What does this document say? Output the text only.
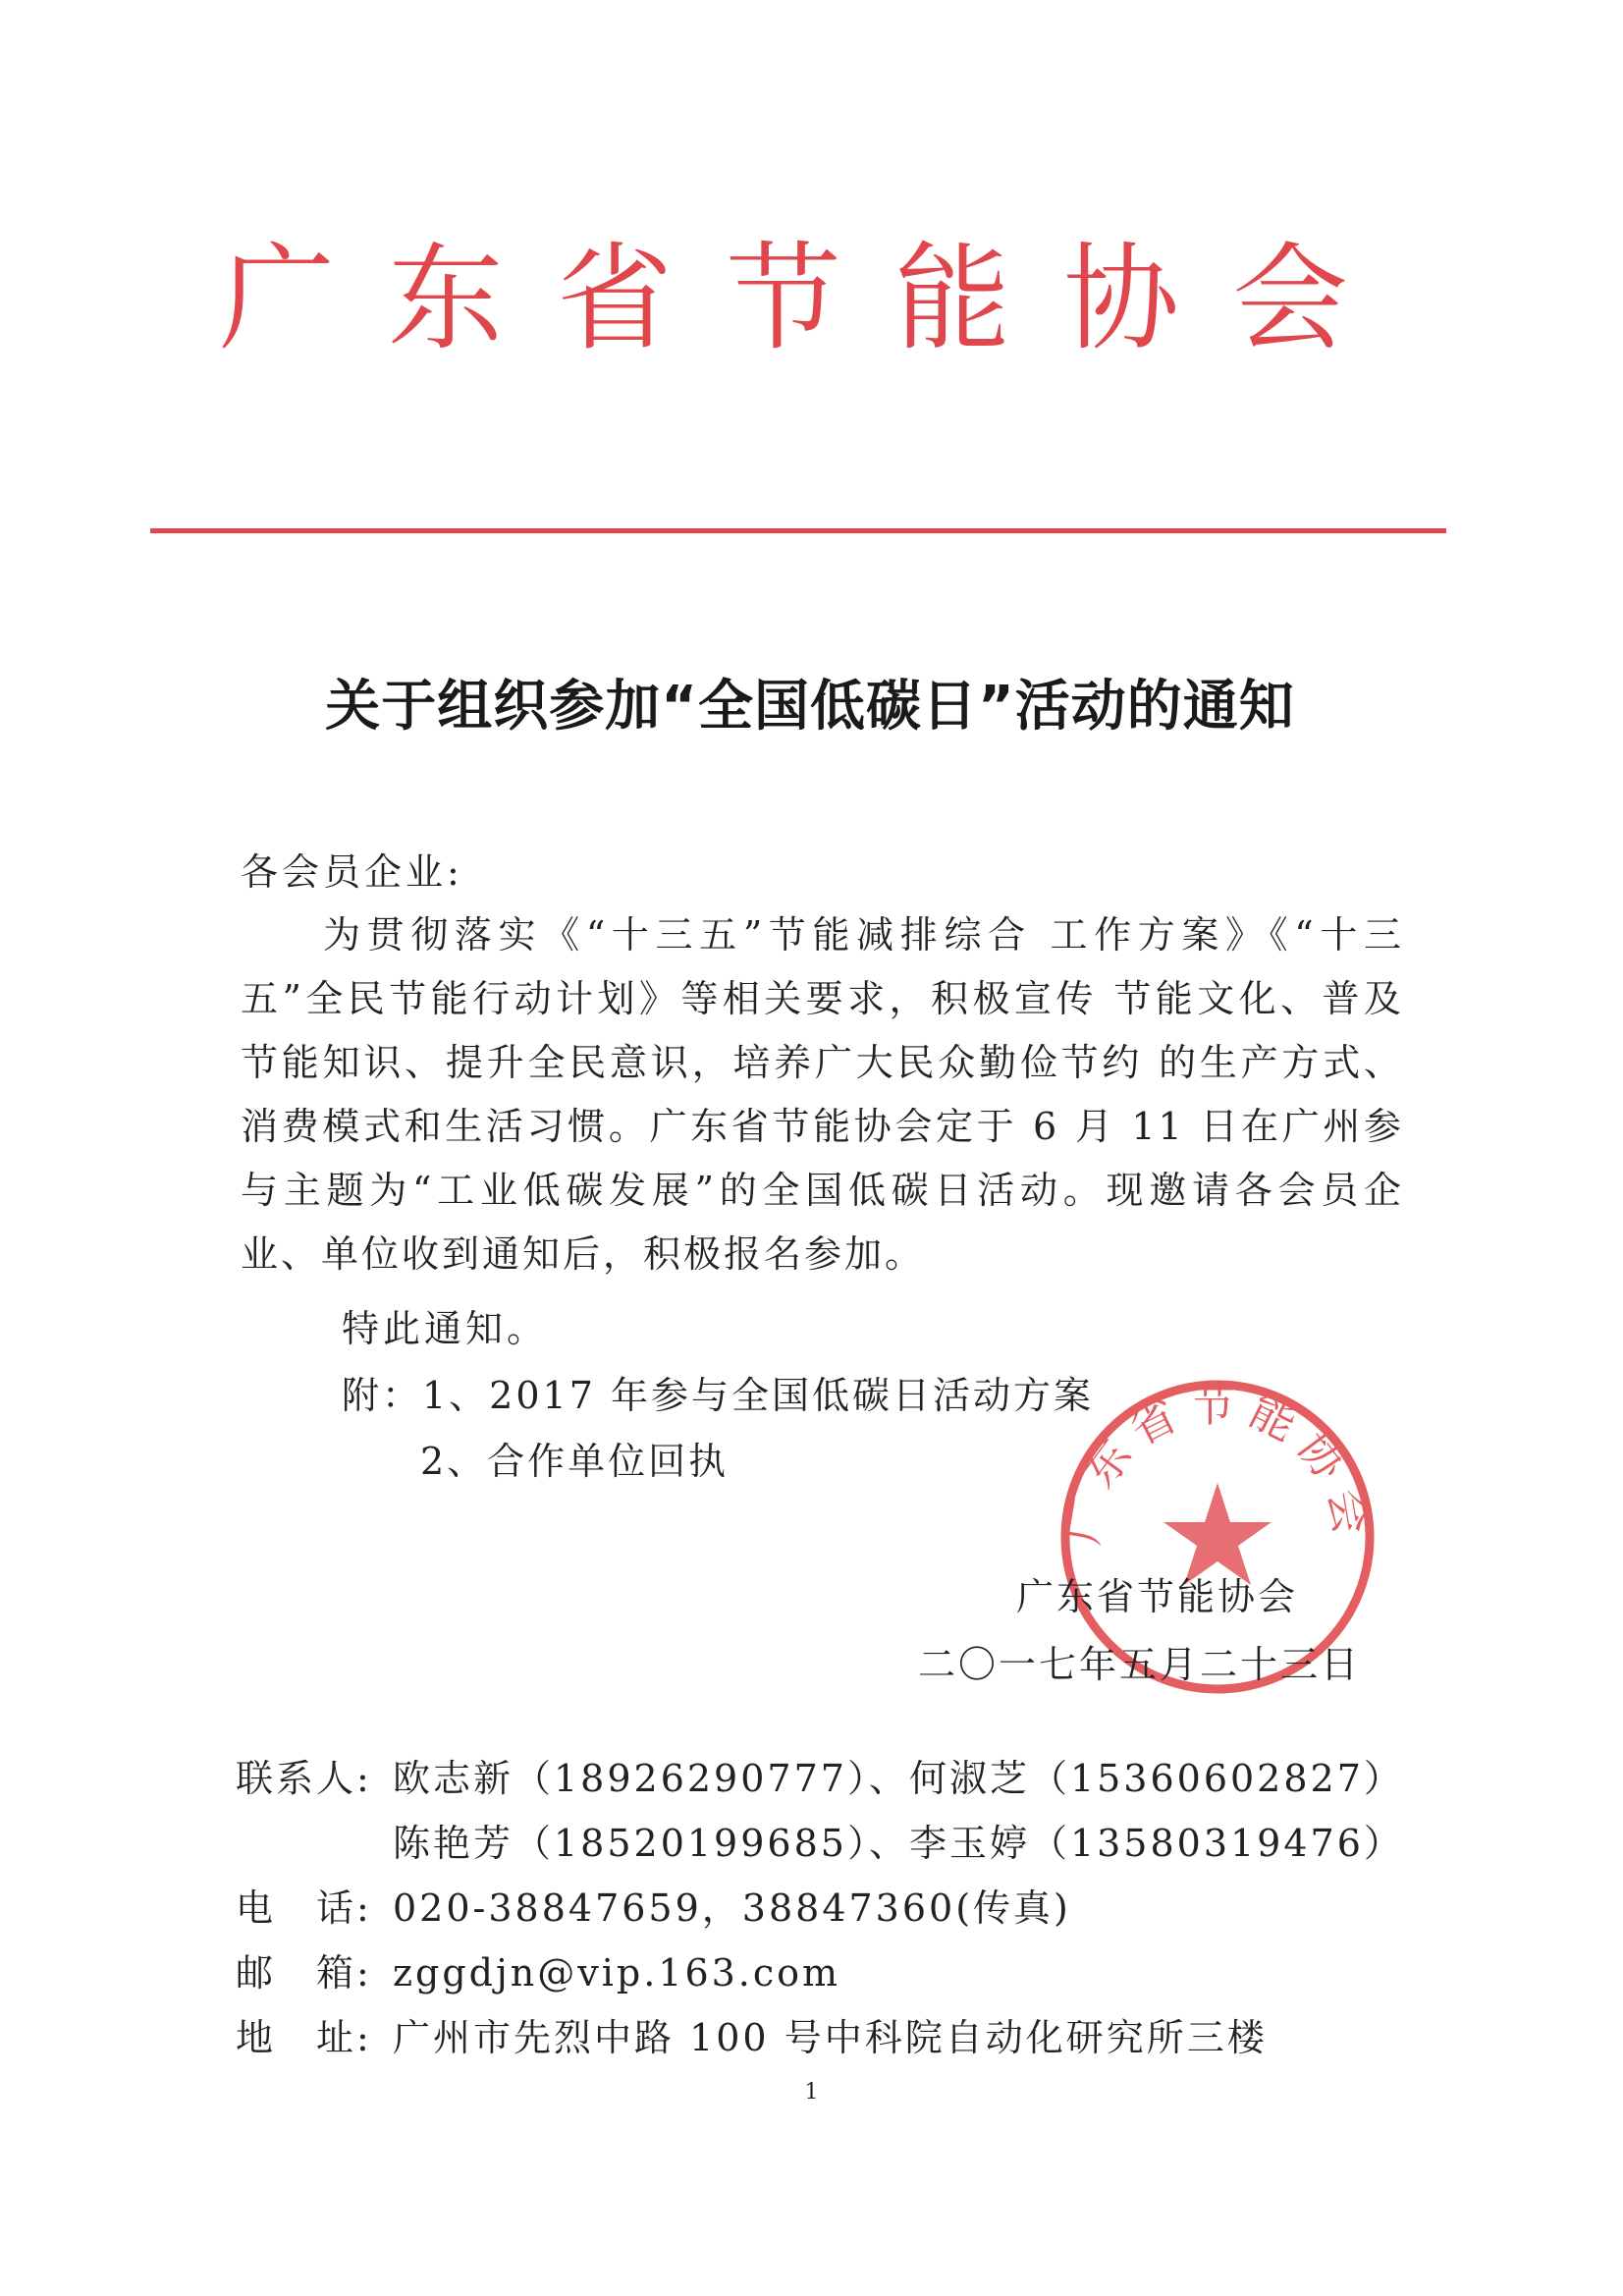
广东省节能协会
关于组织参加“全国低碳日”活动的通知
各会员企业:
为贯彻落实《“十三五”节能减排综合 工作方案》《“十三五”全民节能行动计划》等相关要求，积极宣传 节能文化、普及节能知识、提升全民意识，培养广大民众勤俭节约 的生产方式、消费模式和生活习惯。广东省节能协会定于 6 月 11 日在广州参与主题为“工业低碳发展”的全国低碳日活动。现邀请各会员企业、单位收到通知后，积极报名参加。
特此通知。
附：1、2017 年参与全国低碳日活动方案
2、合作单位回执
广东省节能协会
广东省节能协会
二〇一七年五月二十三日
联系人: 欧志新（18926290777）、何淑芝（15360602827）
陈艳芳（18520199685）、李玉婷（13580319476）
电　话: 020-38847659，38847360(传真)
邮　箱: zggdjn@vip.163.com
地　址: 广州市先烈中路 100 号中科院自动化研究所三楼
1
